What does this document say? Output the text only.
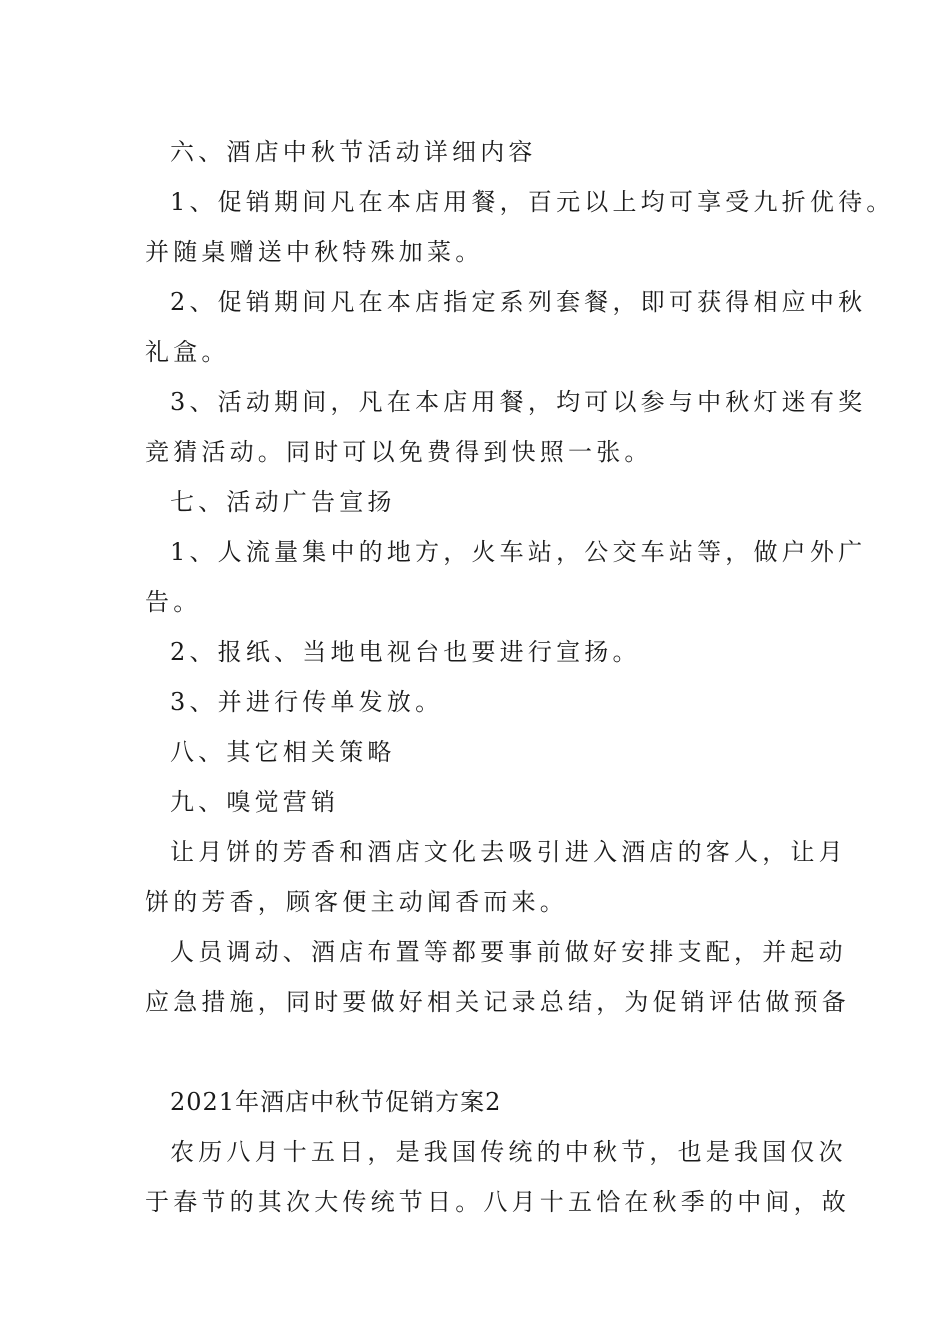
六、酒店中秋节活动详细内容
1、促销期间凡在本店用餐，百元以上均可享受九折优待。
并随桌赠送中秋特殊加菜。
2、促销期间凡在本店指定系列套餐，即可获得相应中秋
礼盒。
3、活动期间，凡在本店用餐，均可以参与中秋灯迷有奖
竞猜活动。同时可以免费得到快照一张。
七、活动广告宣扬
1、人流量集中的地方，火车站，公交车站等，做户外广
告。
2、报纸、当地电视台也要进行宣扬。
3、并进行传单发放。
八、其它相关策略
九、嗅觉营销
让月饼的芳香和酒店文化去吸引进入酒店的客人，让月
饼的芳香，顾客便主动闻香而来。
人员调动、酒店布置等都要事前做好安排支配，并起动
应急措施，同时要做好相关记录总结，为促销评估做预备
2021年酒店中秋节促销方案2
农历八月十五日，是我国传统的中秋节，也是我国仅次
于春节的其次大传统节日。八月十五恰在秋季的中间，故
